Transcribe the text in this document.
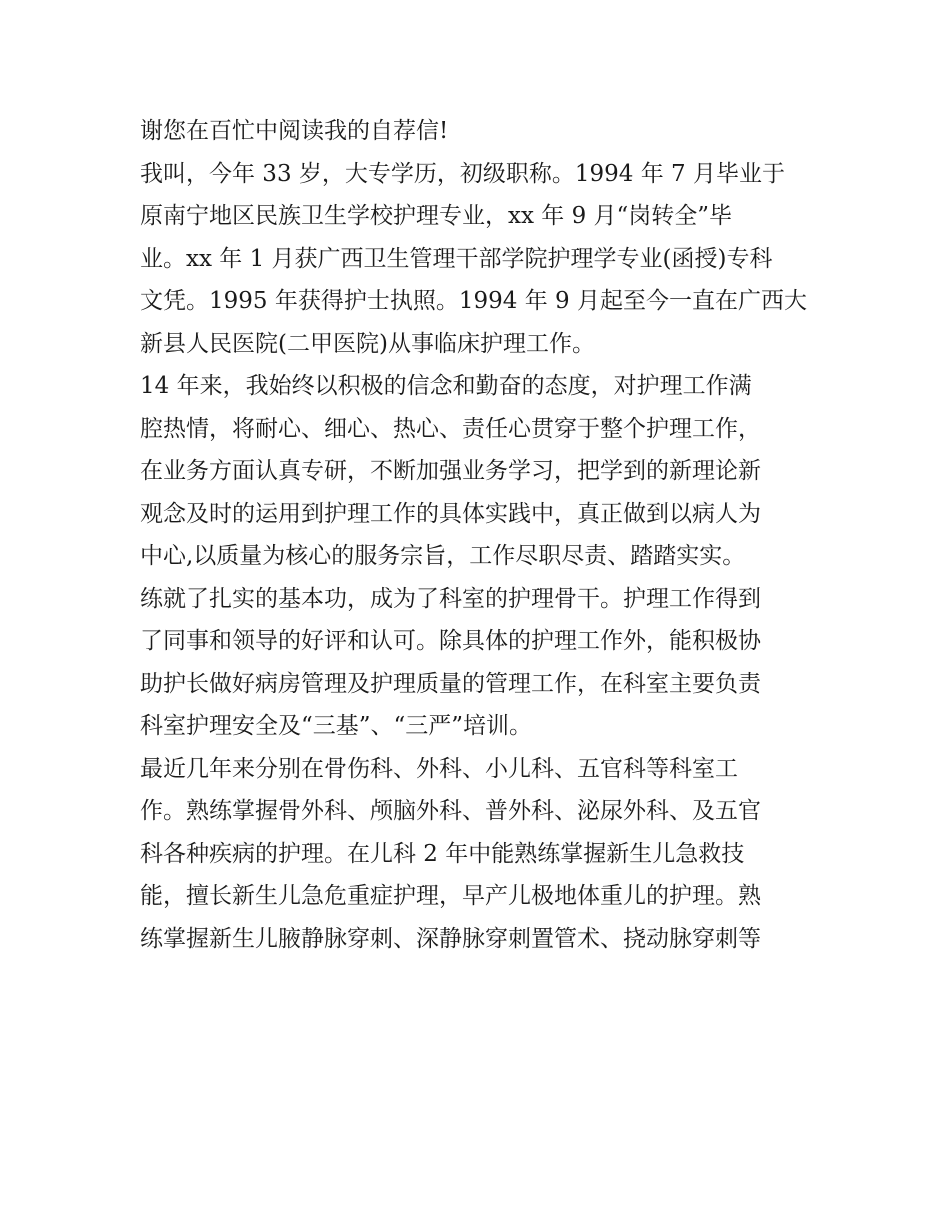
谢您在百忙中阅读我的自荐信!
我叫，今年 33 岁，大专学历，初级职称。1994 年 7 月毕业于
原南宁地区民族卫生学校护理专业，xx 年 9 月“岗转全”毕
业。xx 年 1 月获广西卫生管理干部学院护理学专业(函授)专科
文凭。1995 年获得护士执照。1994 年 9 月起至今一直在广西大
新县人民医院(二甲医院)从事临床护理工作。
14 年来，我始终以积极的信念和勤奋的态度，对护理工作满
腔热情，将耐心、细心、热心、责任心贯穿于整个护理工作，
在业务方面认真专研，不断加强业务学习，把学到的新理论新
观念及时的运用到护理工作的具体实践中，真正做到以病人为
中心,以质量为核心的服务宗旨，工作尽职尽责、踏踏实实。
练就了扎实的基本功，成为了科室的护理骨干。护理工作得到
了同事和领导的好评和认可。除具体的护理工作外，能积极协
助护长做好病房管理及护理质量的管理工作，在科室主要负责
科室护理安全及“三基”、“三严”培训。
最近几年来分别在骨伤科、外科、小儿科、五官科等科室工
作。熟练掌握骨外科、颅脑外科、普外科、泌尿外科、及五官
科各种疾病的护理。在儿科 2 年中能熟练掌握新生儿急救技
能，擅长新生儿急危重症护理，早产儿极地体重儿的护理。熟
练掌握新生儿腋静脉穿刺、深静脉穿刺置管术、挠动脉穿刺等
